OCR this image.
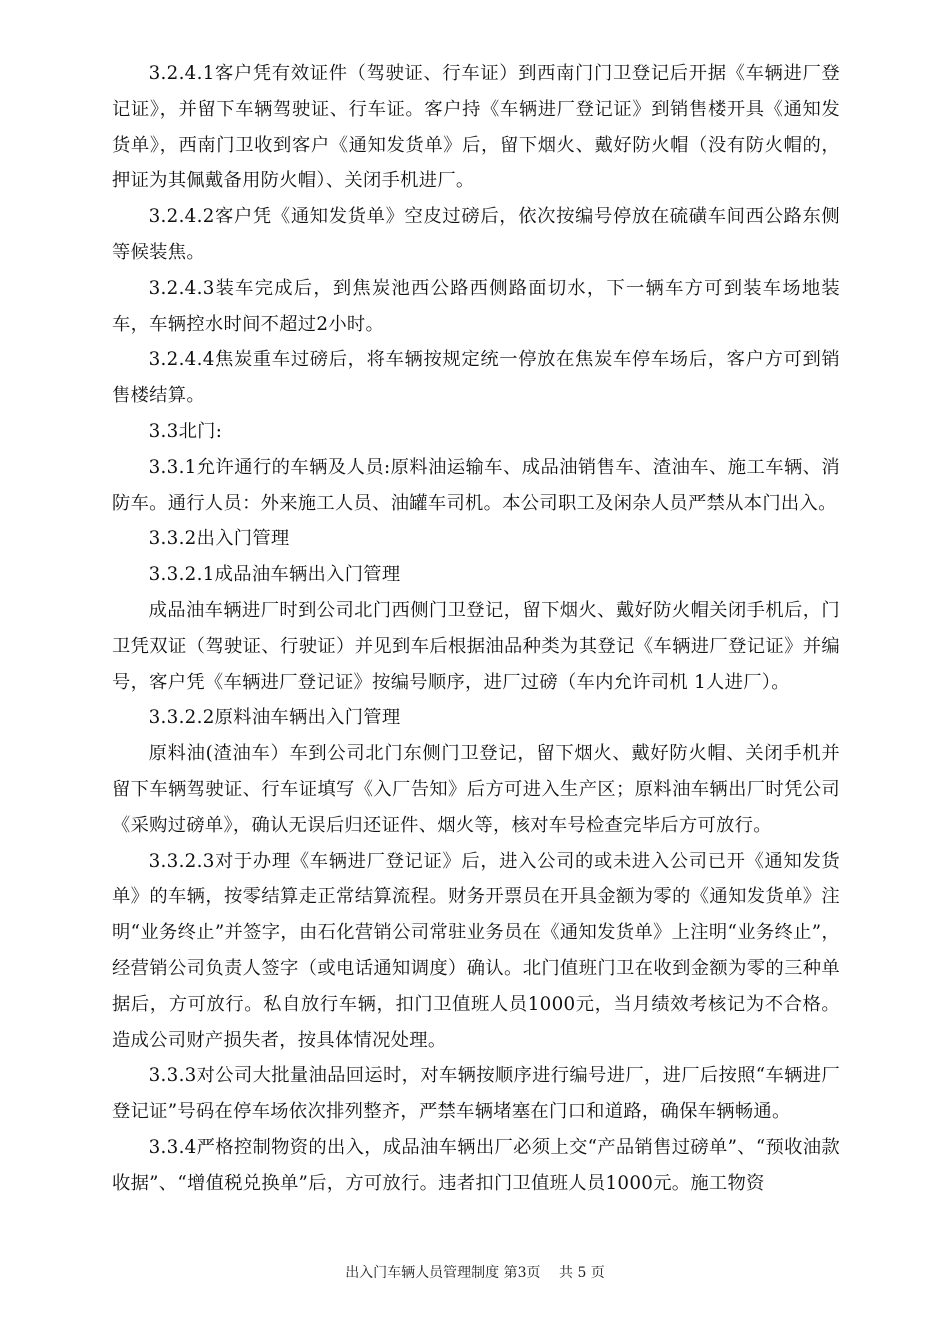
3.2.4.1客户凭有效证件（驾驶证、行车证）到西南门门卫登记后开据《车辆进厂登记证》，并留下车辆驾驶证、行车证。客户持《车辆进厂登记证》到销售楼开具《通知发货单》，西南门卫收到客户《通知发货单》后，留下烟火、戴好防火帽（没有防火帽的，押证为其佩戴备用防火帽）、关闭手机进厂。

3.2.4.2客户凭《通知发货单》空皮过磅后，依次按编号停放在硫磺车间西公路东侧等候装焦。

3.2.4.3装车完成后，到焦炭池西公路西侧路面切水，下一辆车方可到装车场地装车，车辆控水时间不超过2小时。

3.2.4.4焦炭重车过磅后，将车辆按规定统一停放在焦炭车停车场后，客户方可到销售楼结算。

3.3北门:

3.3.1允许通行的车辆及人员:原料油运输车、成品油销售车、渣油车、施工车辆、消防车。通行人员：外来施工人员、油罐车司机。本公司职工及闲杂人员严禁从本门出入。

3.3.2出入门管理

3.3.2.1成品油车辆出入门管理

成品油车辆进厂时到公司北门西侧门卫登记，留下烟火、戴好防火帽关闭手机后，门卫凭双证（驾驶证、行驶证）并见到车后根据油品种类为其登记《车辆进厂登记证》并编号，客户凭《车辆进厂登记证》按编号顺序，进厂过磅（车内允许司机 1人进厂）。

3.3.2.2原料油车辆出入门管理

原料油(渣油车）车到公司北门东侧门卫登记，留下烟火、戴好防火帽、关闭手机并留下车辆驾驶证、行车证填写《入厂告知》后方可进入生产区；原料油车辆出厂时凭公司《采购过磅单》，确认无误后归还证件、烟火等，核对车号检查完毕后方可放行。

3.3.2.3对于办理《车辆进厂登记证》后，进入公司的或未进入公司已开《通知发货单》的车辆，按零结算走正常结算流程。财务开票员在开具金额为零的《通知发货单》注明“业务终止”并签字，由石化营销公司常驻业务员在《通知发货单》上注明“业务终止”，经营销公司负责人签字（或电话通知调度）确认。北门值班门卫在收到金额为零的三种单据后，方可放行。私自放行车辆，扣门卫值班人员1000元，当月绩效考核记为不合格。造成公司财产损失者，按具体情况处理。

3.3.3对公司大批量油品回运时，对车辆按顺序进行编号进厂，进厂后按照“车辆进厂登记证”号码在停车场依次排列整齐，严禁车辆堵塞在门口和道路，确保车辆畅通。

3.3.4严格控制物资的出入，成品油车辆出厂必须上交“产品销售过磅单”、“预收油款收据”、“增值税兑换单”后，方可放行。违者扣门卫值班人员1000元。施工物资

出入门车辆人员管理制度 第3页　 共 5 页
